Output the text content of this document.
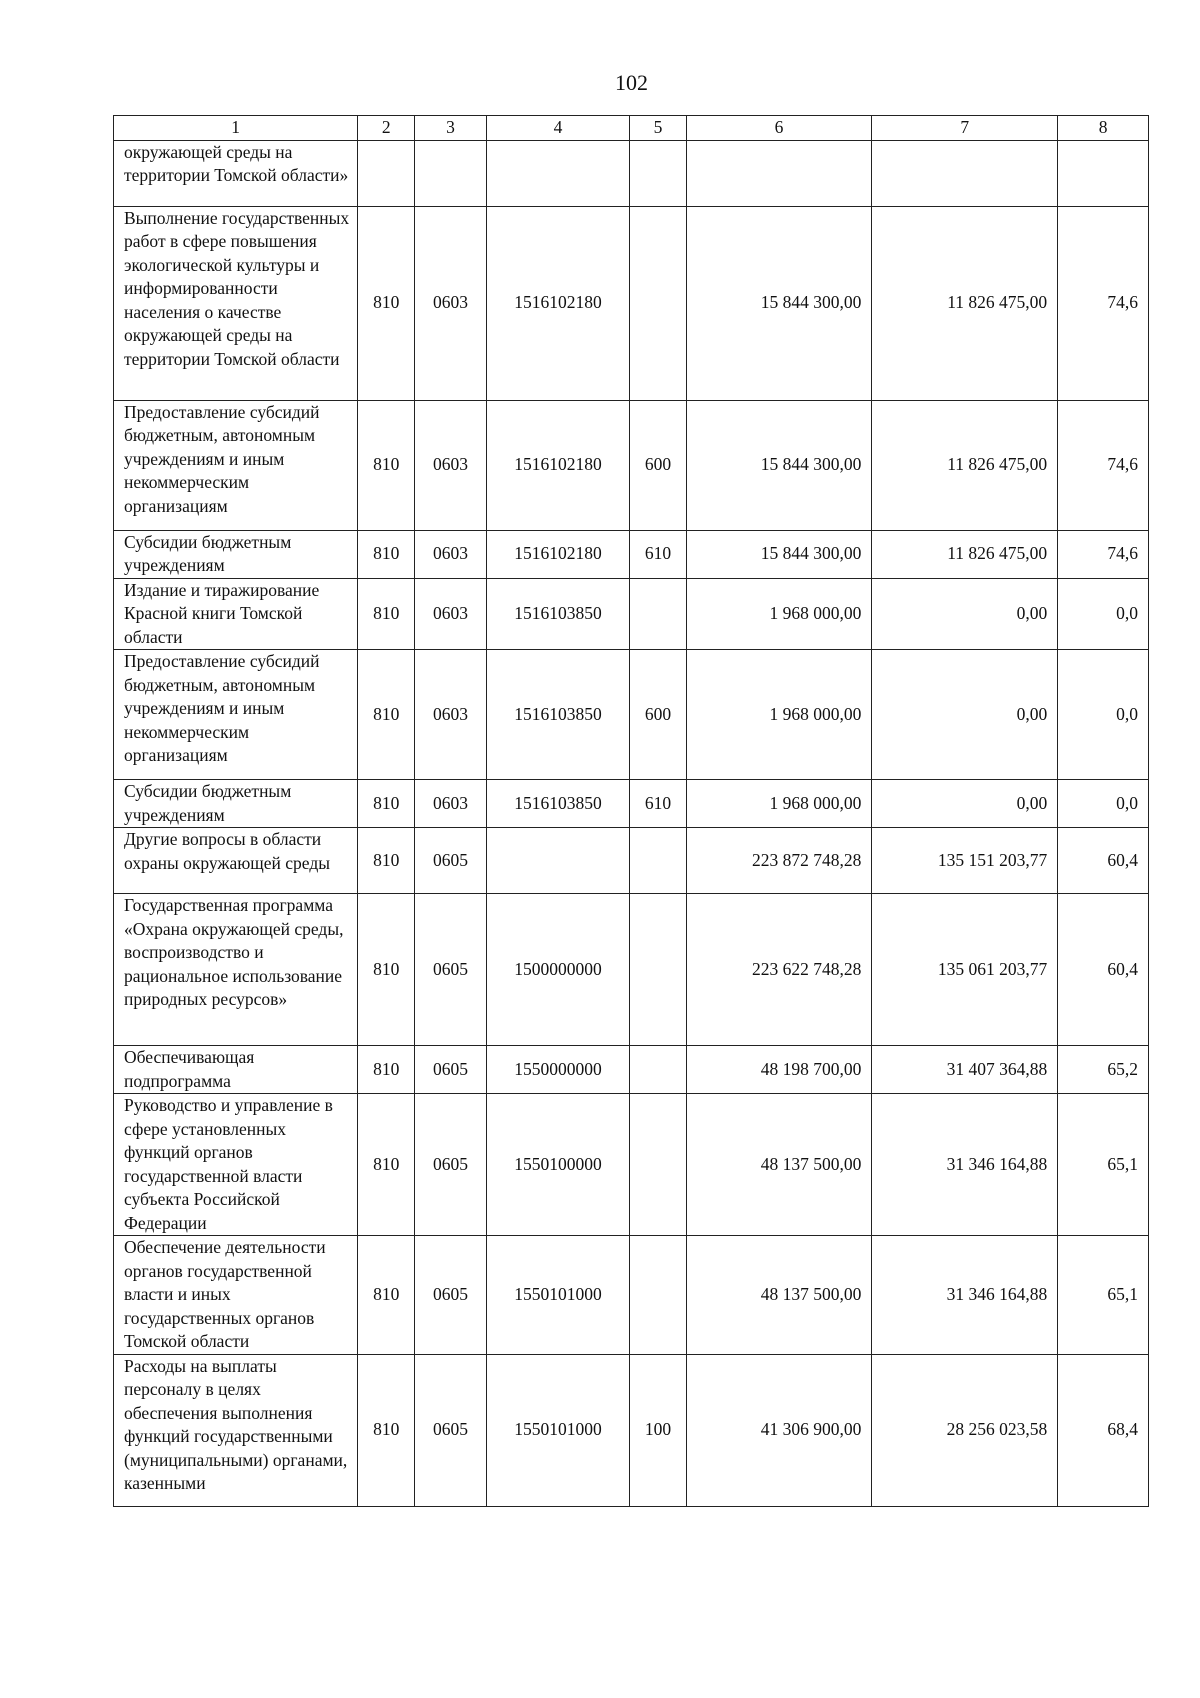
102
1	2	3	4	5	6	7	8
окружающей среды на территории Томской области»							
Выполнение государственных работ в сфере повышения экологической культуры и информированности населения о качестве окружающей среды на территории Томской области	810	0603	1516102180		15 844 300,00	11 826 475,00	74,6
Предоставление субсидий бюджетным, автономным учреждениям и иным некоммерческим организациям	810	0603	1516102180	600	15 844 300,00	11 826 475,00	74,6
Субсидии бюджетным учреждениям	810	0603	1516102180	610	15 844 300,00	11 826 475,00	74,6
Издание и тиражирование Красной книги Томской области	810	0603	1516103850		1 968 000,00	0,00	0,0
Предоставление субсидий бюджетным, автономным учреждениям и иным некоммерческим организациям	810	0603	1516103850	600	1 968 000,00	0,00	0,0
Субсидии бюджетным учреждениям	810	0603	1516103850	610	1 968 000,00	0,00	0,0
Другие вопросы в области охраны окружающей среды	810	0605			223 872 748,28	135 151 203,77	60,4
Государственная программа «Охрана окружающей среды, воспроизводство и рациональное использование природных ресурсов»	810	0605	1500000000		223 622 748,28	135 061 203,77	60,4
Обеспечивающая подпрограмма	810	0605	1550000000		48 198 700,00	31 407 364,88	65,2
Руководство и управление в сфере установленных функций органов государственной власти субъекта Российской Федерации	810	0605	1550100000		48 137 500,00	31 346 164,88	65,1
Обеспечение деятельности органов государственной власти и иных государственных органов Томской области	810	0605	1550101000		48 137 500,00	31 346 164,88	65,1
Расходы на выплаты персоналу в целях обеспечения выполнения функций государственными (муниципальными) органами, казенными	810	0605	1550101000	100	41 306 900,00	28 256 023,58	68,4
